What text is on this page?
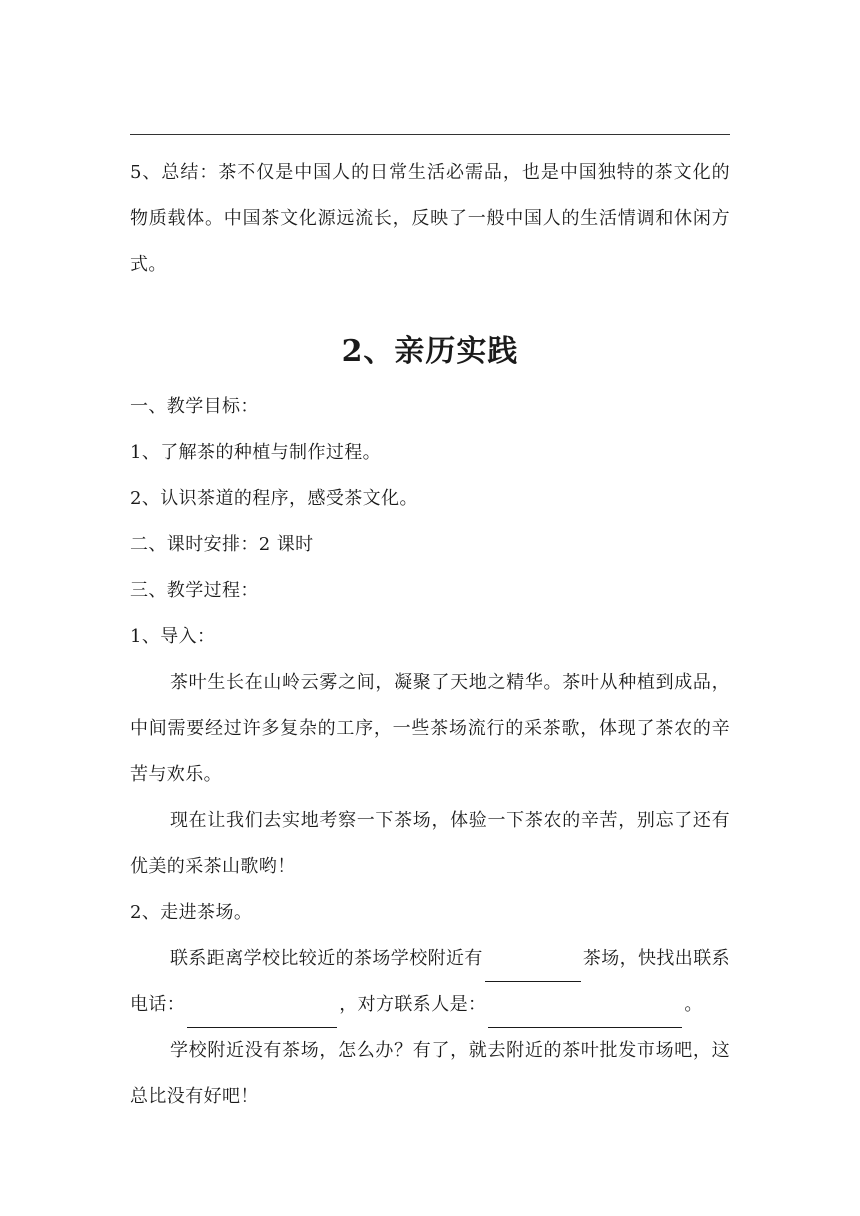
5、总结：茶不仅是中国人的日常生活必需品，也是中国独特的茶文化的物质载体。中国茶文化源远流长，反映了一般中国人的生活情调和休闲方式。

2、亲历实践

一、教学目标：

1、了解茶的种植与制作过程。

2、认识茶道的程序，感受茶文化。

二、课时安排：2 课时

三、教学过程：

1、导入：

茶叶生长在山岭云雾之间，凝聚了天地之精华。茶叶从种植到成品，中间需要经过许多复杂的工序，一些茶场流行的采茶歌，体现了茶农的辛苦与欢乐。

现在让我们去实地考察一下茶场，体验一下茶农的辛苦，别忘了还有优美的采茶山歌哟！

2、走进茶场。

联系距离学校比较近的茶场学校附近有	茶场，快找出联系电话：	，对方联系人是：	。

学校附近没有茶场，怎么办？有了，就去附近的茶叶批发市场吧，这总比没有好吧！
